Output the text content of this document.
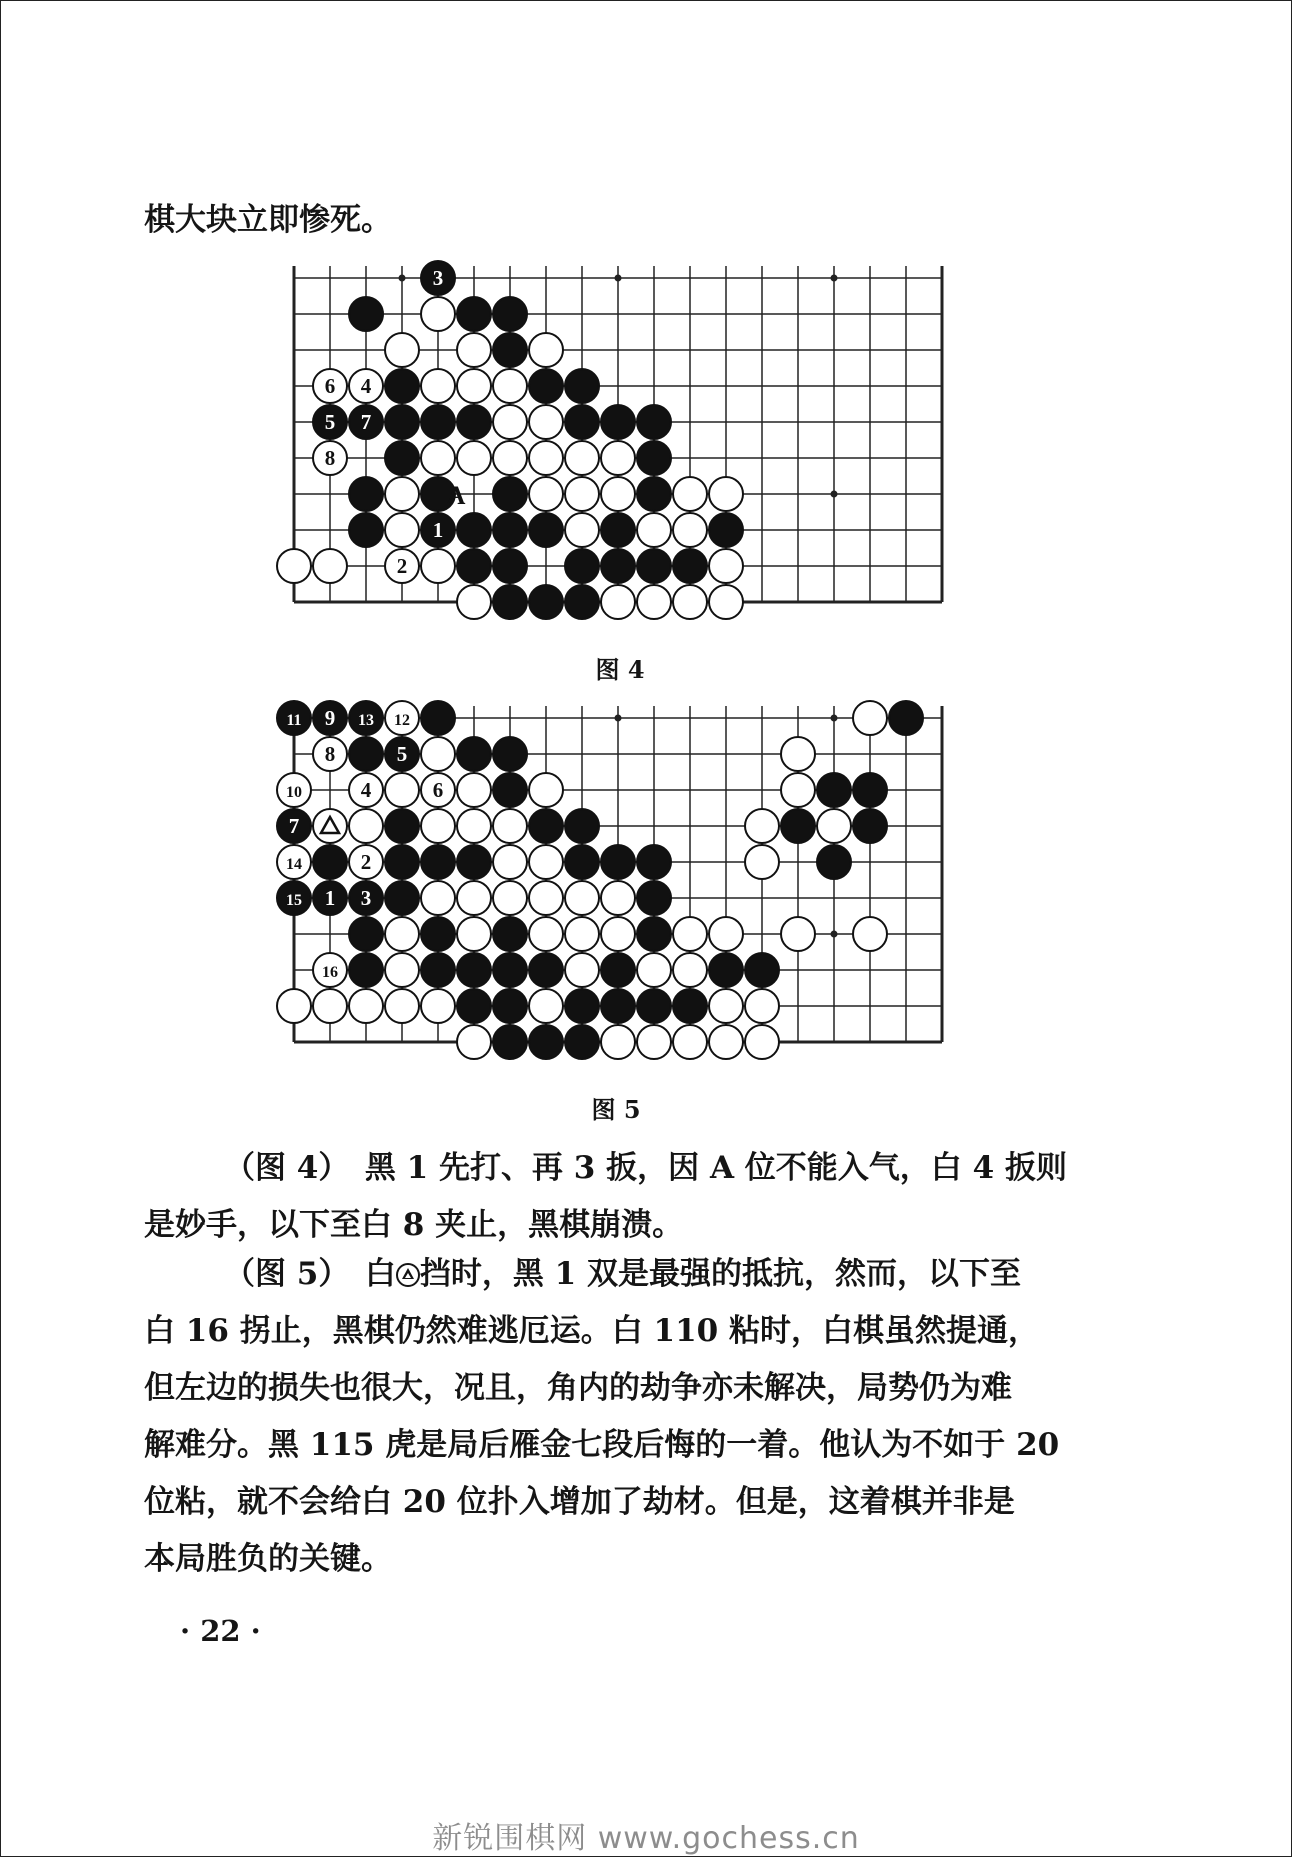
棋大块立即惨死。
3
6 4
5 7
8
1
2
A
图 4
11 9 13 12
8	5
10	4	6
7
14	2
15 1 3
16
图 5
（图 4）　黑 1 先打、再 3 扳，因 A 位不能入气，白 4 扳则
是妙手，以下至白 8 夹止，黑棋崩溃。
（图 5）　白 挡时，黑 1 双是最强的抵抗，然而，以下至
白 16 拐止，黑棋仍然难逃厄运。白 110 粘时，白棋虽然提通，
但左边的损失也很大，况且，角内的劫争亦未解决，局势仍为难
解难分。黑 115 虎是局后雁金七段后悔的一着。他认为不如于 20
位粘，就不会给白 20 位扑入增加了劫材。但是，这着棋并非是
本局胜负的关键。
· 22 ·
新锐围棋网 www.gochess.cn
